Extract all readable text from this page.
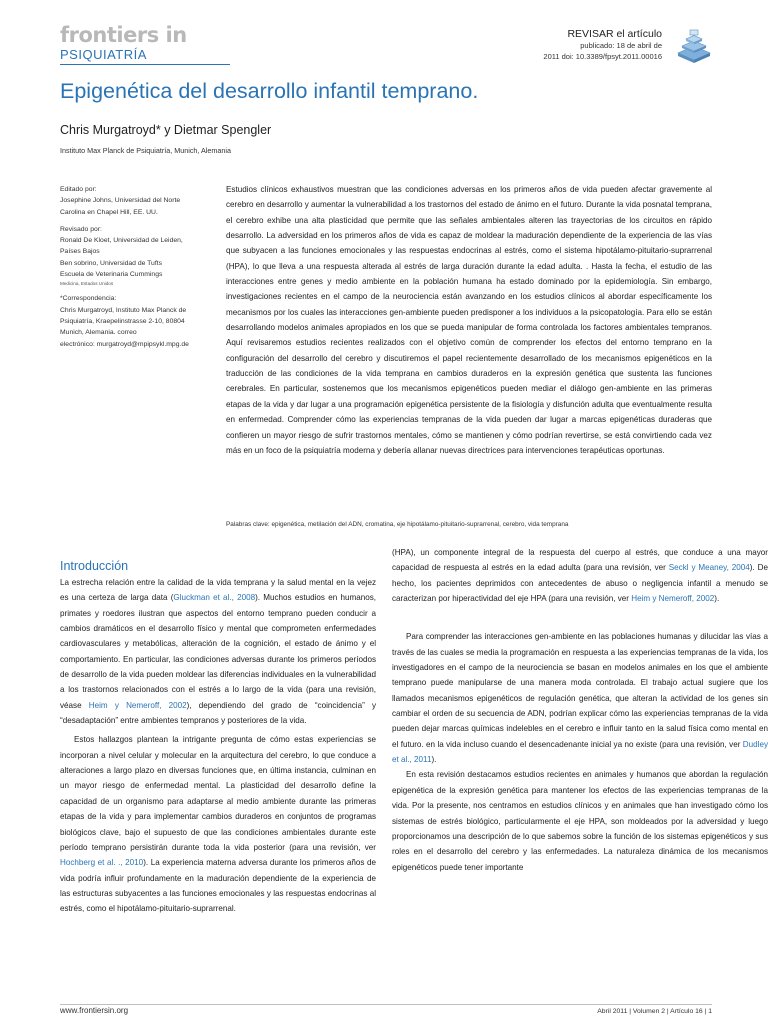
frontiers in
PSIQUIATRÍA
REVISAR el artículo
publicado: 18 de abril de
2011 doi: 10.3389/fpsyt.2011.00016
Epigenética del desarrollo infantil temprano.
Chris Murgatroyd* y Dietmar Spengler
Instituto Max Planck de Psiquiatría, Munich, Alemania
Editado por:
Josephine Johns, Universidad del Norte
Carolina en Chapel Hill, EE. UU.
Revisado por:
Ronald De Kloet, Universidad de Leiden,
Países Bajos
Ben sobrino, Universidad de Tufts
Escuela de Veterinaria Cummings
Medicina, Estados Unidos
*Correspondencia:
Chris Murgatroyd, Instituto Max Planck de
Psiquiatría, Kraepelinstrasse 2-10, 80804
Munich, Alemania. correo
electrónico: murgatroyd@mpipsykl.mpg.de

Estudios clínicos exhaustivos muestran que las condiciones adversas en los primeros años de vida pueden afectar gravemente al cerebro en desarrollo y aumentar la vulnerabilidad a los trastornos del estado de ánimo en el futuro. Durante la vida posnatal temprana, el cerebro exhibe una alta plasticidad que permite que las señales ambientales alteren las trayectorias de los circuitos en rápido desarrollo. La adversidad en los primeros años de vida es capaz de moldear la maduración dependiente de la experiencia de las vías que subyacen a las funciones emocionales y las respuestas endocrinas al estrés, como el sistema hipotálamo-pituitario-suprarrenal (HPA), lo que lleva a una respuesta alterada al estrés de larga duración durante la edad adulta. . Hasta la fecha, el estudio de las interacciones entre genes y medio ambiente en la población humana ha estado dominado por la epidemiología. Sin embargo, investigaciones recientes en el campo de la neurociencia están avanzando en los estudios clínicos al abordar específicamente los mecanismos por los cuales las interacciones gen-ambiente pueden predisponer a los individuos a la psicopatología. Para ello se están desarrollando modelos animales apropiados en los que se pueda manipular de forma controlada los factores ambientales tempranos. Aquí revisaremos estudios recientes realizados con el objetivo común de comprender los efectos del entorno temprano en la configuración del desarrollo del cerebro y discutiremos el papel recientemente desarrollado de los mecanismos epigenéticos en la traducción de las condiciones de la vida temprana en cambios duraderos en la expresión genética que sustenta las funciones cerebrales. En particular, sostenemos que los mecanismos epigenéticos pueden mediar el diálogo gen-ambiente en las primeras etapas de la vida y dar lugar a una programación epigenética persistente de la fisiología y disfunción adulta que eventualmente resulta en enfermedad. Comprender cómo las experiencias tempranas de la vida pueden dar lugar a marcas epigenéticas duraderas que confieren un mayor riesgo de sufrir trastornos mentales, cómo se mantienen y cómo podrían revertirse, se está convirtiendo cada vez más en un foco de la psiquiatría moderna y debería allanar nuevas directrices para intervenciones terapéuticas oportunas.

Palabras clave: epigenética, metilación del ADN, cromatina, eje hipotálamo-pituitario-suprarrenal, cerebro, vida temprana
Introducción

La estrecha relación entre la calidad de la vida temprana y la salud mental en la vejez es una certeza de larga data (Gluckman et al., 2008). Muchos estudios en humanos, primates y roedores ilustran que aspectos del entorno temprano pueden conducir a cambios dramáticos en el desarrollo físico y mental que comprometen enfermedades cardiovasculares y metabólicas, alteración de la cognición, el estado de ánimo y el comportamiento. En particular, las condiciones adversas durante los primeros períodos de desarrollo de la vida pueden moldear las diferencias individuales en la vulnerabilidad a los trastornos relacionados con el estrés a lo largo de la vida (para una revisión, véase Heim y Nemeroff, 2002), dependiendo del grado de “coincidencia” y “desadaptación” entre ambientes tempranos y posteriores de la vida.

Estos hallazgos plantean la intrigante pregunta de cómo estas experiencias se incorporan a nivel celular y molecular en la arquitectura del cerebro, lo que conduce a alteraciones a largo plazo en diversas funciones que, en última instancia, culminan en un mayor riesgo de enfermedad mental. La plasticidad del desarrollo define la capacidad de un organismo para adaptarse al medio ambiente durante las primeras etapas de la vida y para implementar cambios duraderos en conjuntos de programas biológicos clave, bajo el supuesto de que las condiciones ambientales durante este período temprano persistirán durante toda la vida posterior (para una revisión, ver Hochberg et al. ., 2010). La experiencia materna adversa durante los primeros años de vida podría influir profundamente en la maduración dependiente de la experiencia de las estructuras subyacentes a las funciones emocionales y las respuestas endocrinas al estrés, como el hipotálamo-pituitario-suprarrenal.

(HPA), un componente integral de la respuesta del cuerpo al estrés, que conduce a una mayor capacidad de respuesta al estrés en la edad adulta (para una revisión, ver Seckl y Meaney, 2004). De hecho, los pacientes deprimidos con antecedentes de abuso o negligencia infantil a menudo se caracterizan por hiperactividad del eje HPA (para una revisión, ver Heim y Nemeroff, 2002).

Para comprender las interacciones gen-ambiente en las poblaciones humanas y dilucidar las vías a través de las cuales se media la programación en respuesta a las experiencias tempranas de la vida, los investigadores en el campo de la neurociencia se basan en modelos animales en los que el ambiente temprano puede manipularse de una manera moda controlada. El trabajo actual sugiere que los llamados mecanismos epigenéticos de regulación genética, que alteran la actividad de los genes sin cambiar el orden de su secuencia de ADN, podrían explicar cómo las experiencias tempranas de la vida pueden dejar marcas químicas indelebles en el cerebro e influir tanto en la salud física como mental en el futuro. en la vida incluso cuando el desencadenante inicial ya no existe (para una revisión, ver Dudley et al., 2011).

En esta revisión destacamos estudios recientes en animales y humanos que abordan la regulación epigenética de la expresión genética para mantener los efectos de las experiencias tempranas de la vida. Por la presente, nos centramos en estudios clínicos y en animales que han investigado cómo los sistemas de estrés biológico, particularmente el eje HPA, son moldeados por la adversidad y luego proporcionamos una descripción de lo que sabemos sobre la función de los sistemas epigenéticos y sus roles en el desarrollo del cerebro y las enfermedades. La naturaleza dinámica de los mecanismos epigenéticos puede tener importante

www.frontiersin.org	Abril 2011 | Volumen 2 | Artículo 16 | 1
